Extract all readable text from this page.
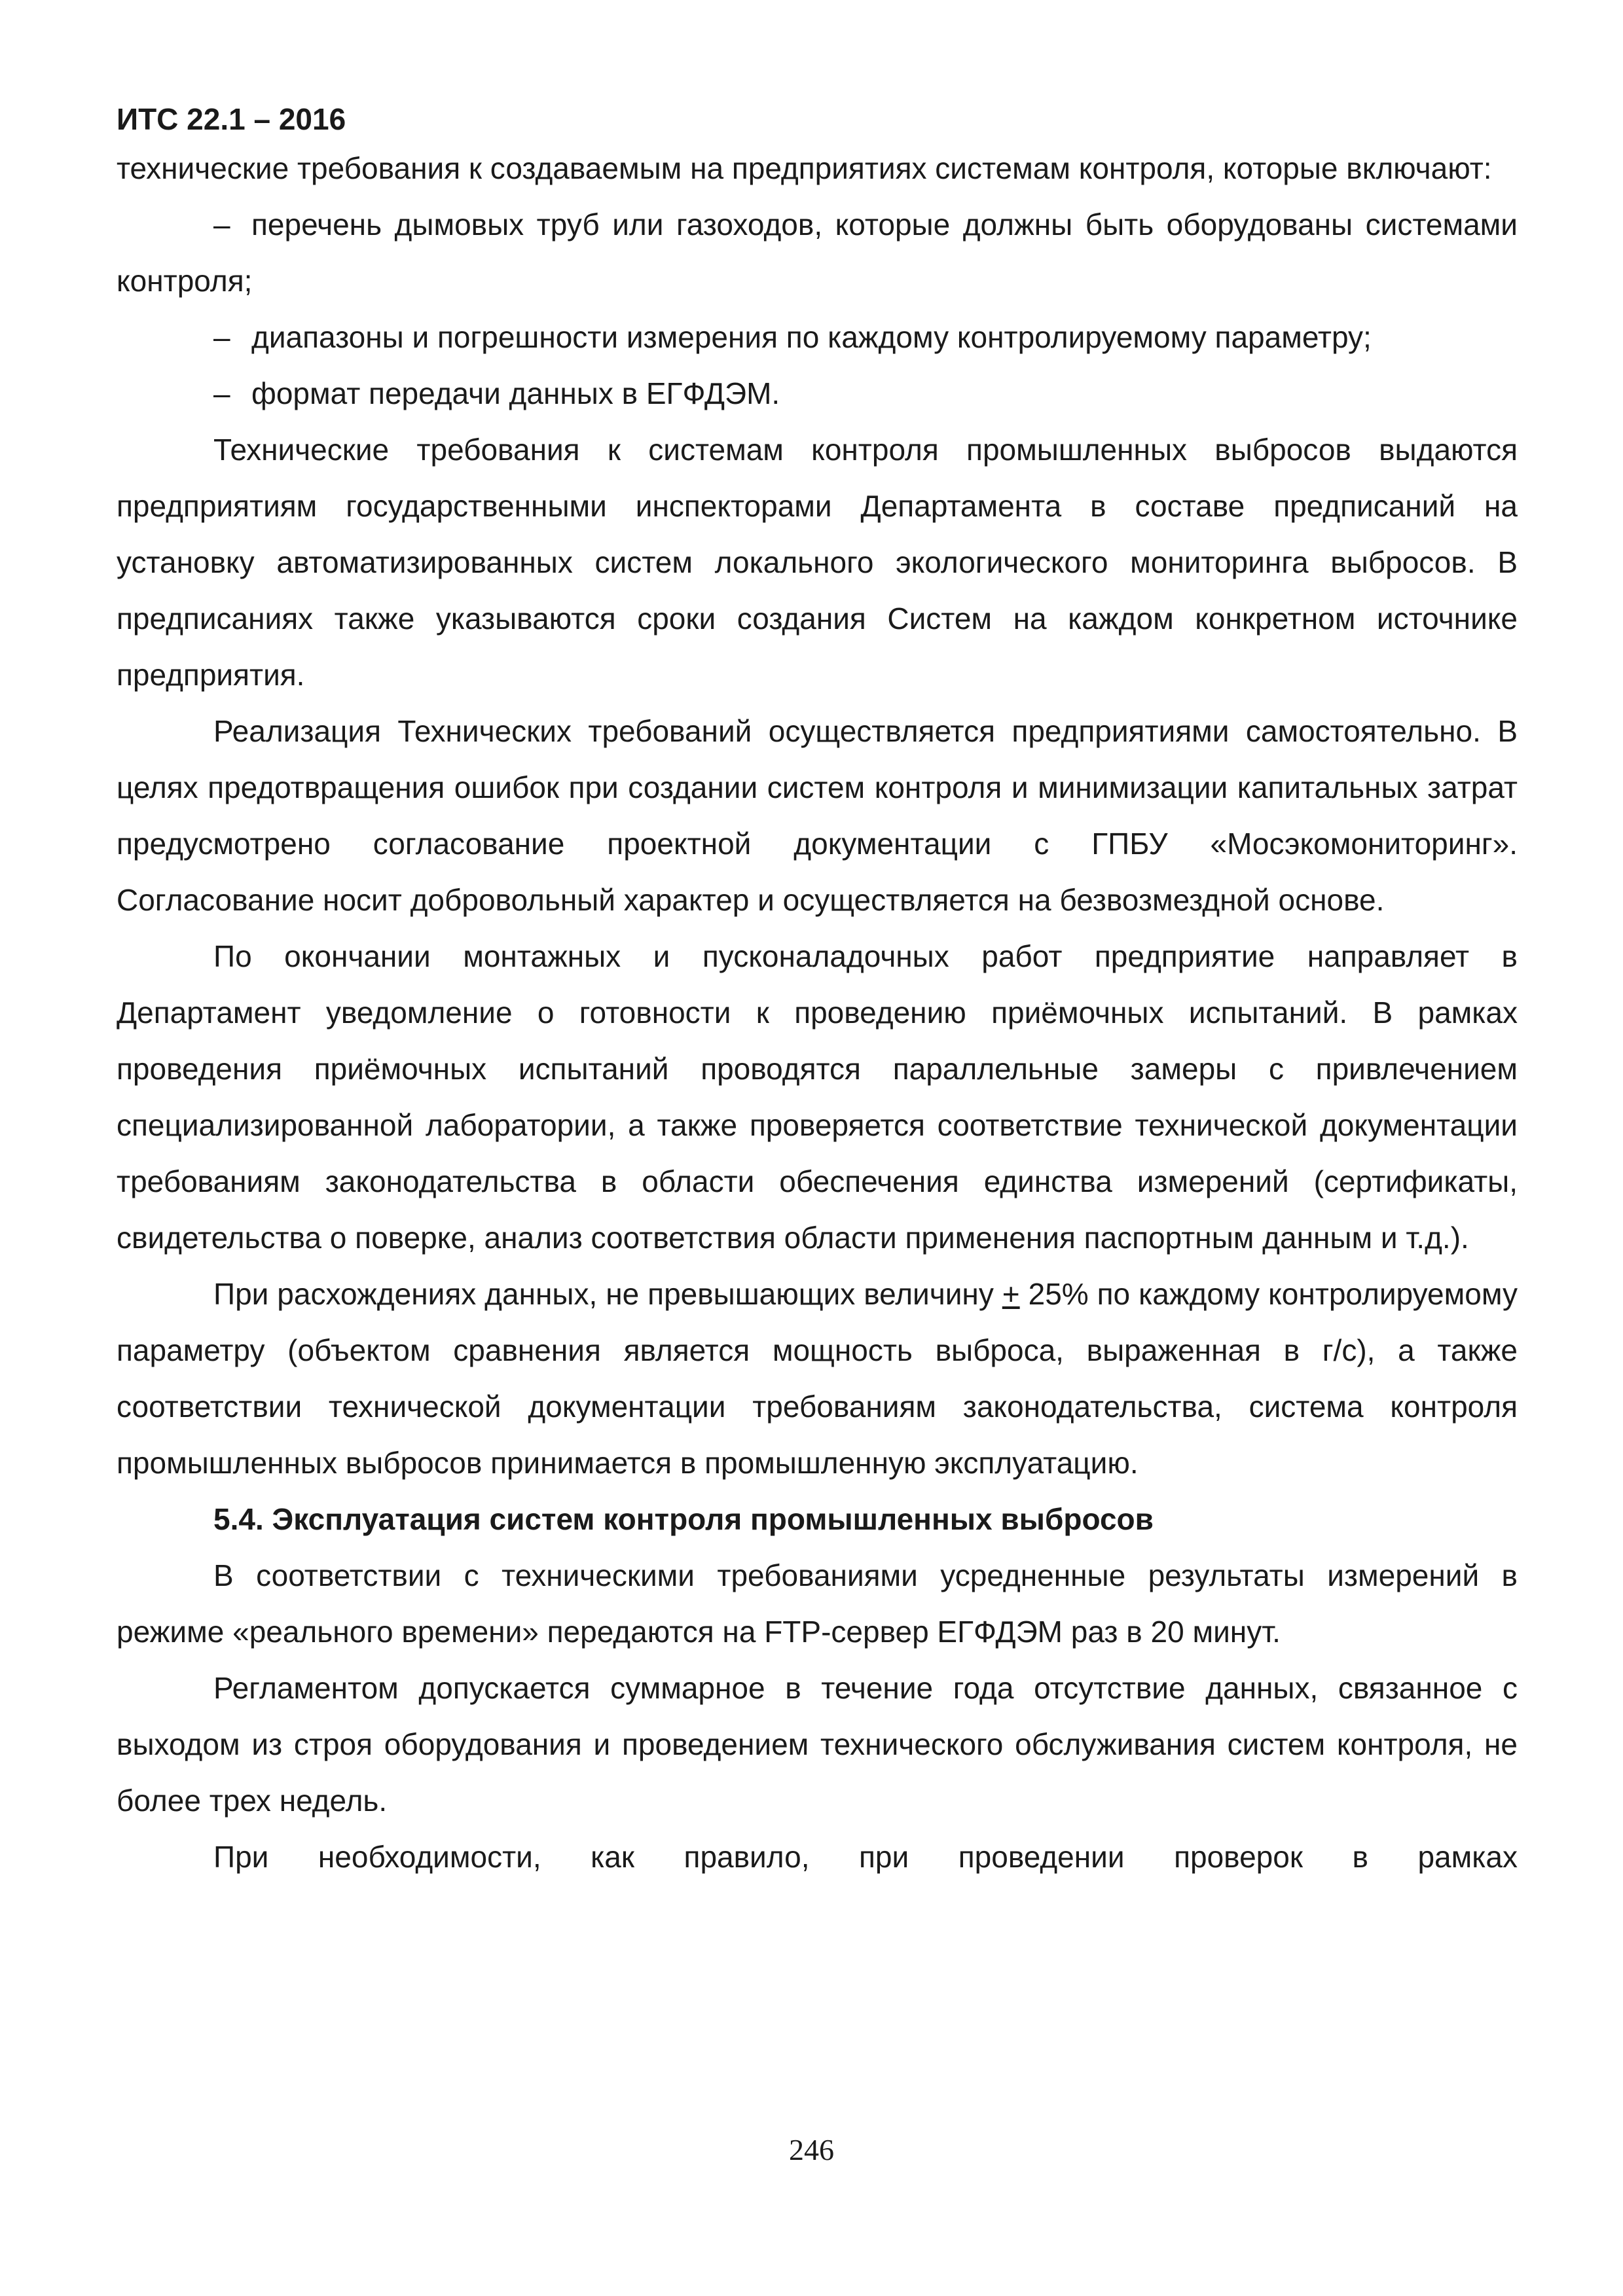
ИТС 22.1 – 2016

технические требования к создаваемым на предприятиях системам контроля, которые включают:

– перечень дымовых труб или газоходов, которые должны быть оборудованы системами контроля;

– диапазоны и погрешности измерения по каждому контролируемому параметру;

– формат передачи данных в ЕГФДЭМ.

Технические требования к системам контроля промышленных выбросов выдаются предприятиям государственными инспекторами Департамента в составе предписаний на установку автоматизированных систем локального экологического мониторинга выбросов. В предписаниях также указываются сроки создания Систем на каждом конкретном источнике предприятия.

Реализация Технических требований осуществляется предприятиями самостоятельно. В целях предотвращения ошибок при создании систем контроля и минимизации капитальных затрат предусмотрено согласование проектной документации с ГПБУ «Мосэкомониторинг». Согласование носит добровольный характер и осуществляется на безвозмездной основе.

По окончании монтажных и пусконаладочных работ предприятие направляет в Департамент уведомление о готовности к проведению приёмочных испытаний. В рамках проведения приёмочных испытаний проводятся параллельные замеры с привлечением специализированной лаборатории, а также проверяется соответствие технической документации требованиям законодательства в области обеспечения единства измерений (сертификаты, свидетельства о поверке, анализ соответствия области применения паспортным данным и т.д.).

При расхождениях данных, не превышающих величину + 25% по каждому контролируемому параметру (объектом сравнения является мощность выброса, выраженная в г/с), а также соответствии технической документации требованиям законодательства, система контроля промышленных выбросов принимается в промышленную эксплуатацию.

5.4. Эксплуатация систем контроля промышленных выбросов

В соответствии с техническими требованиями усредненные результаты измерений в режиме «реального времени» передаются на FTP-сервер ЕГФДЭМ раз в 20 минут.

Регламентом допускается суммарное в течение года отсутствие данных, связанное с выходом из строя оборудования и проведением технического обслуживания систем контроля, не более трех недель.

При необходимости, как правило, при проведении проверок в рамках

246
